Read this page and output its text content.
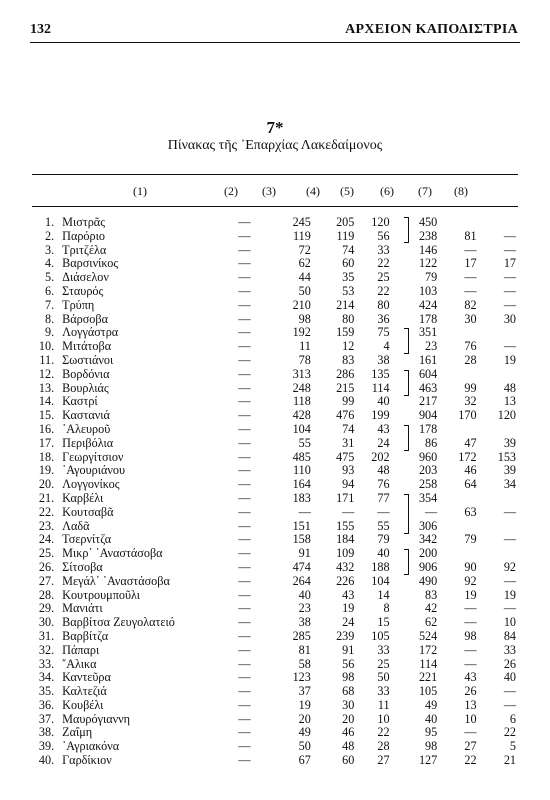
132	ΑΡΧΕΙΟΝ ΚΑΠΟΔΙΣΤΡΙΑ
7*
Πίνακας τῆς ᾿Επαρχίας Λακεδαίμονος
(1)	(2)	(3)	(4)	(5)	(6)	(7)	(8)
1.	Μιστρᾶς	—	245	205	120	450		
2.	Παρόριο	—	119	119	56	238	81	—
3.	Τριτζέλα	—	72	74	33	146	—	—
4.	Βαρσινίκος	—	62	60	22	122	17	17
5.	Διάσελον	—	44	35	25	79	—	—
6.	Σταυρός	—	50	53	22	103	—	—
7.	Τρύπη	—	210	214	80	424	82	—
8.	Βάρσοβα	—	98	80	36	178	30	30
9.	Λογγάστρα	—	192	159	75	351		
10.	Μιτάτοβα	—	11	12	4	23	76	—
11.	Σωστιάνοι	—	78	83	38	161	28	19
12.	Βορδόνια	—	313	286	135	604		
13.	Βουρλιάς	—	248	215	114	463	99	48
14.	Καστρί	—	118	99	40	217	32	13
15.	Καστανιά	—	428	476	199	904	170	120
16.	᾿Αλευροῦ	—	104	74	43	178		
17.	Περιβόλια	—	55	31	24	86	47	39
18.	Γεωργίτσιον	—	485	475	202	960	172	153
19.	᾿Αγουριάνου	—	110	93	48	203	46	39
20.	Λογγονίκος	—	164	94	76	258	64	34
21.	Καρβέλι	—	183	171	77	354		
22.	Κουτσαβᾶ	—	—	—	—	—	63	—
23.	Λαδᾶ	—	151	155	55	306		
24.	Τσερνίτζα	—	158	184	79	342	79	—
25.	Μικρ᾿ ᾿Αναστάσοβα	—	91	109	40	200		
26.	Σίτσοβα	—	474	432	188	906	90	92
27.	Μεγάλ᾿ ᾿Αναστάσοβα	—	264	226	104	490	92	—
28.	Κουτρουμποῦλι	—	40	43	14	83	19	19
29.	Μανιάτι	—	23	19	8	42	—	—
30.	Βαρβίτσα Ζευγολατειό	—	38	24	15	62	—	10
31.	Βαρβίτζα	—	285	239	105	524	98	84
32.	Πάπαρι	—	81	91	33	172	—	33
33.	῎Αλικα	—	58	56	25	114	—	26
34.	Καντεῦρα	—	123	98	50	221	43	40
35.	Καλτεζιά	—	37	68	33	105	26	—
36.	Κουβέλι	—	19	30	11	49	13	—
37.	Μαυρόγιαννη	—	20	20	10	40	10	6
38.	Ζαΐμη	—	49	46	22	95	—	22
39.	᾿Αγριακόνα	—	50	48	28	98	27	5
40.	Γαρδίκιον	—	67	60	27	127	22	21
